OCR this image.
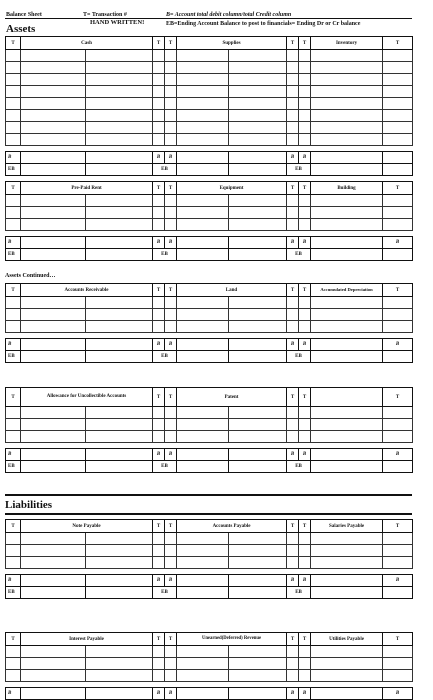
Balance Sheet	T= Transaction #
HAND WRITTEN!
B= Account total debit column/total Credit column
EB=Ending Account Balance to post to financials= Ending Dr or Cr balance
Assets
T	Cash		T	T	Supplies		T	T	Inventory	T

B			B	B			B	B		
EB			EB				EB			
T	Pre-Paid Rent		T	T	Equipment		T	T	Building	T

B			B	B			B	B		B
EB			EB				EB			
Assets Continued…
T	Accounts Receivable		T	T	Land		T	T	Accumulated Depreciation	T

B			B	B			B	B		B
EB			EB				EB			
T	Allowance for Uncollectible Accounts		T	T	Patent		T	T		T

B			B	B			B	B		B
EB			EB				EB			
Liabilities
T	Note Payable		T	T	Accounts Payable		T	T	Salaries Payable	T

B			B	B			B	B		B
EB			EB				EB			
T	Interest Payable		T	T	Unearned(Deferred) Revenue		T	T	Utilities Payable	T

B			B	B			B	B		B
